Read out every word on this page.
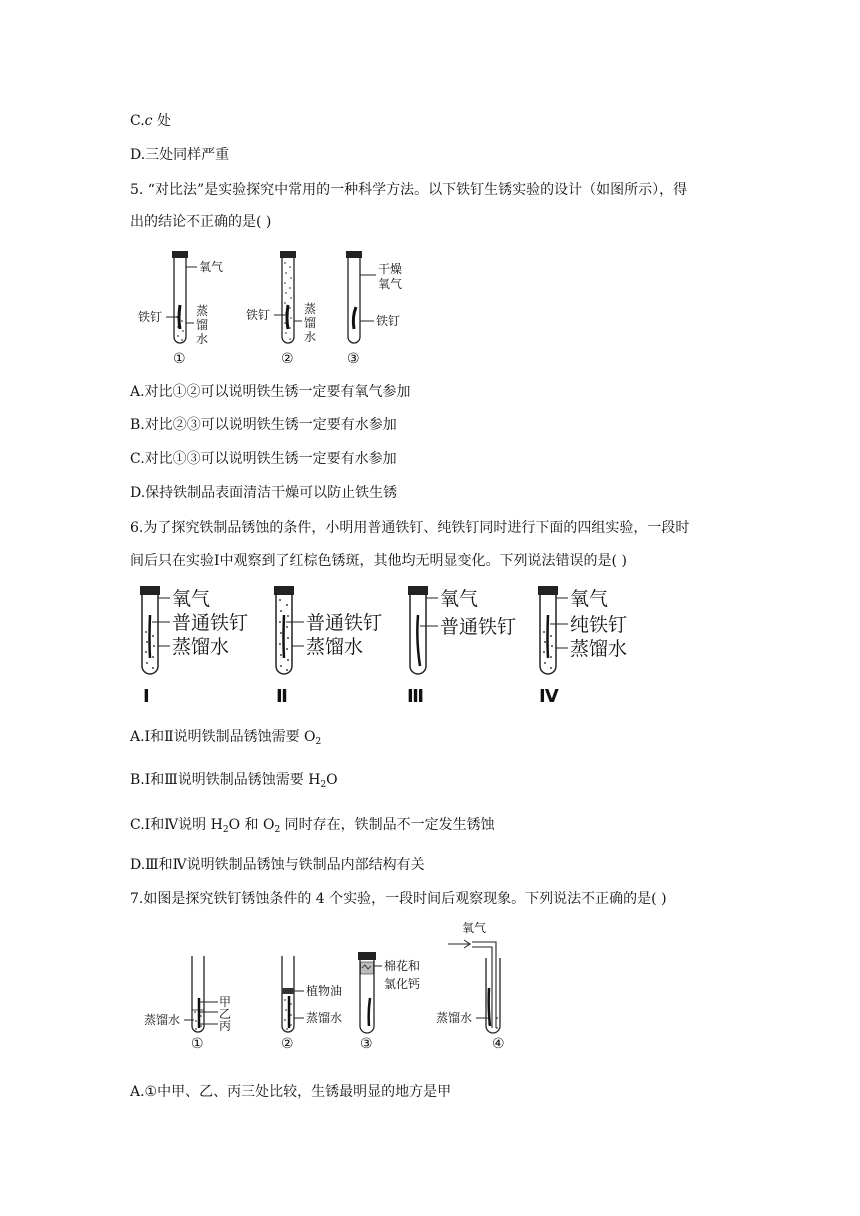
C.c 处
D.三处同样严重
5. “对比法”是实验探究中常用的一种科学方法。以下铁钉生锈实验的设计（如图所示），得
出的结论不正确的是( )
氧气
铁钉	蒸
馏
水
①
铁钉	蒸
馏
水
②
干燥
氧气
铁钉
③
A.对比①②可以说明铁生锈一定要有氧气参加
B.对比②③可以说明铁生锈一定要有水参加
C.对比①③可以说明铁生锈一定要有水参加
D.保持铁制品表面清洁干燥可以防止铁生锈
6.为了探究铁制品锈蚀的条件，小明用普通铁钉、纯铁钉同时进行下面的四组实验，一段时
间后只在实验Ⅰ中观察到了红棕色锈斑，其他均无明显变化。下列说法错误的是( )
氧气
普通铁钉
蒸馏水
Ⅰ
普通铁钉
蒸馏水
Ⅱ
氧气
普通铁钉
Ⅲ
氧气
纯铁钉
蒸馏水
Ⅳ
A.Ⅰ和Ⅱ说明铁制品锈蚀需要 $O_2$
B.Ⅰ和Ⅲ说明铁制品锈蚀需要 $H_2O$
C.Ⅰ和Ⅳ说明 $H_2O$ 和 $O_2$ 同时存在，铁制品不一定发生锈蚀
D.Ⅲ和Ⅳ说明铁制品锈蚀与铁制品内部结构有关
7.如图是探究铁钉锈蚀条件的 4 个实验，一段时间后观察现象。下列说法不正确的是( )
甲
乙
丙
蒸馏水
①
植物油
蒸馏水
②
棉花和
氯化钙
③
氧气
蒸馏水
④
A.①中甲、乙、丙三处比较，生锈最明显的地方是甲
